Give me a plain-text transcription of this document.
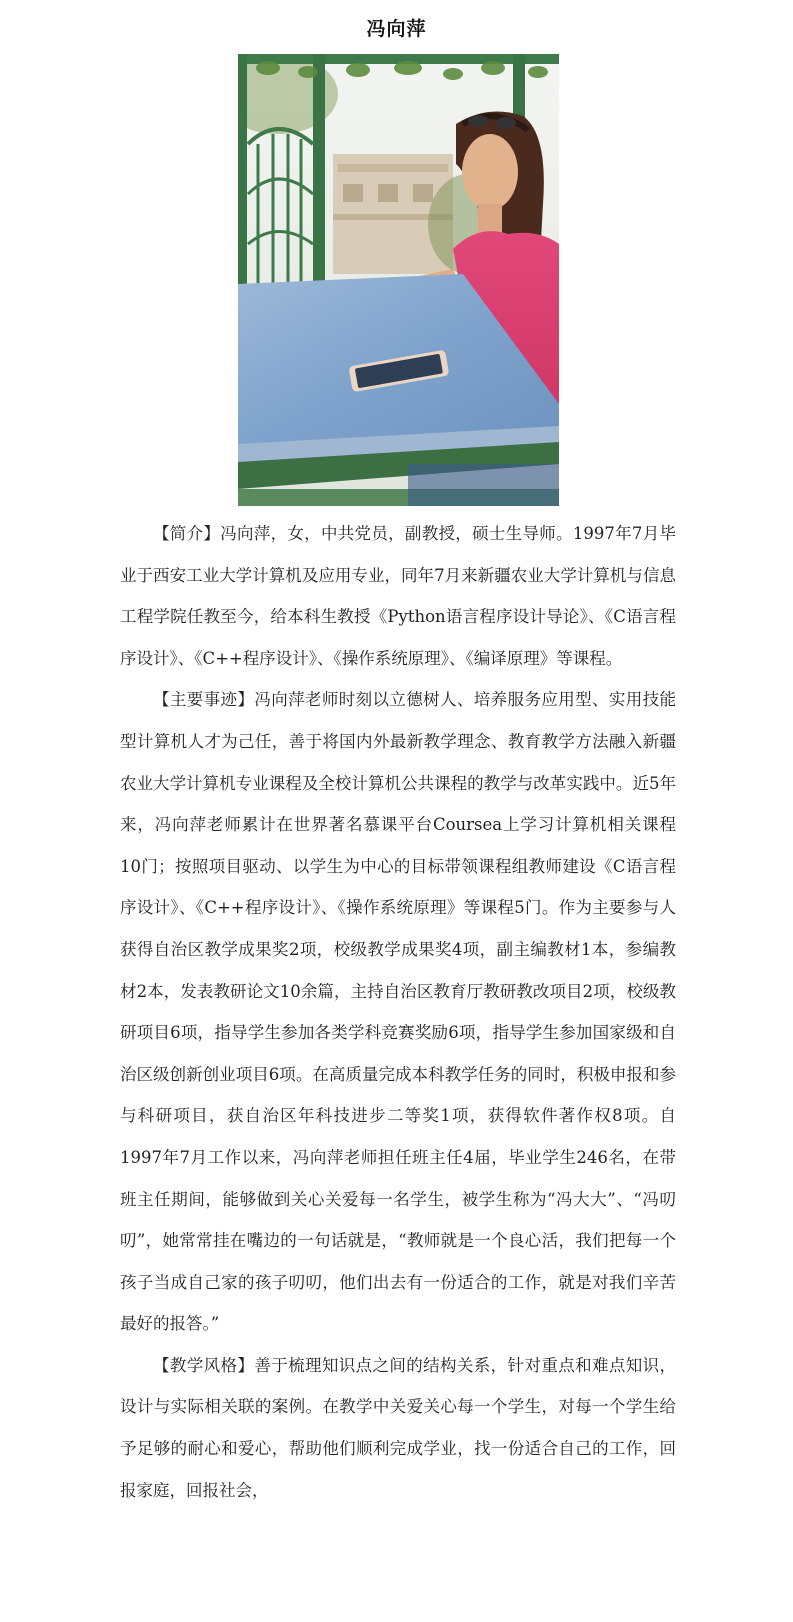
冯向萍

【简介】冯向萍，女，中共党员，副教授，硕士生导师。1997年7月毕业于西安工业大学计算机及应用专业，同年7月来新疆农业大学计算机与信息工程学院任教至今，给本科生教授《Python语言程序设计导论》、《C语言程序设计》、《C++程序设计》、《操作系统原理》、《编译原理》等课程。

【主要事迹】冯向萍老师时刻以立德树人、培养服务应用型、实用技能型计算机人才为己任，善于将国内外最新教学理念、教育教学方法融入新疆农业大学计算机专业课程及全校计算机公共课程的教学与改革实践中。近5年来，冯向萍老师累计在世界著名慕课平台Coursea上学习计算机相关课程 10门；按照项目驱动、以学生为中心的目标带领课程组教师建设《C语言程序设计》、《C++程序设计》、《操作系统原理》等课程5门。作为主要参与人获得自治区教学成果奖2项，校级教学成果奖4项，副主编教材1本，参编教材2本，发表教研论文10余篇，主持自治区教育厅教研教改项目2项，校级教研项目6项，指导学生参加各类学科竞赛奖励6项，指导学生参加国家级和自治区级创新创业项目6项。在高质量完成本科教学任务的同时，积极申报和参与科研项目，获自治区年科技进步二等奖1项，获得软件著作权8项。自1997年7月工作以来，冯向萍老师担任班主任4届，毕业学生246名，在带班主任期间，能够做到关心关爱每一名学生，被学生称为“冯大大”、“冯叨叨”，她常常挂在嘴边的一句话就是，“教师就是一个良心活，我们把每一个孩子当成自己家的孩子叨叨，他们出去有一份适合的工作，就是对我们辛苦最好的报答。”

【教学风格】善于梳理知识点之间的结构关系，针对重点和难点知识，设计与实际相关联的案例。在教学中关爱关心每一个学生，对每一个学生给予足够的耐心和爱心，帮助他们顺利完成学业，找一份适合自己的工作，回报家庭，回报社会，
